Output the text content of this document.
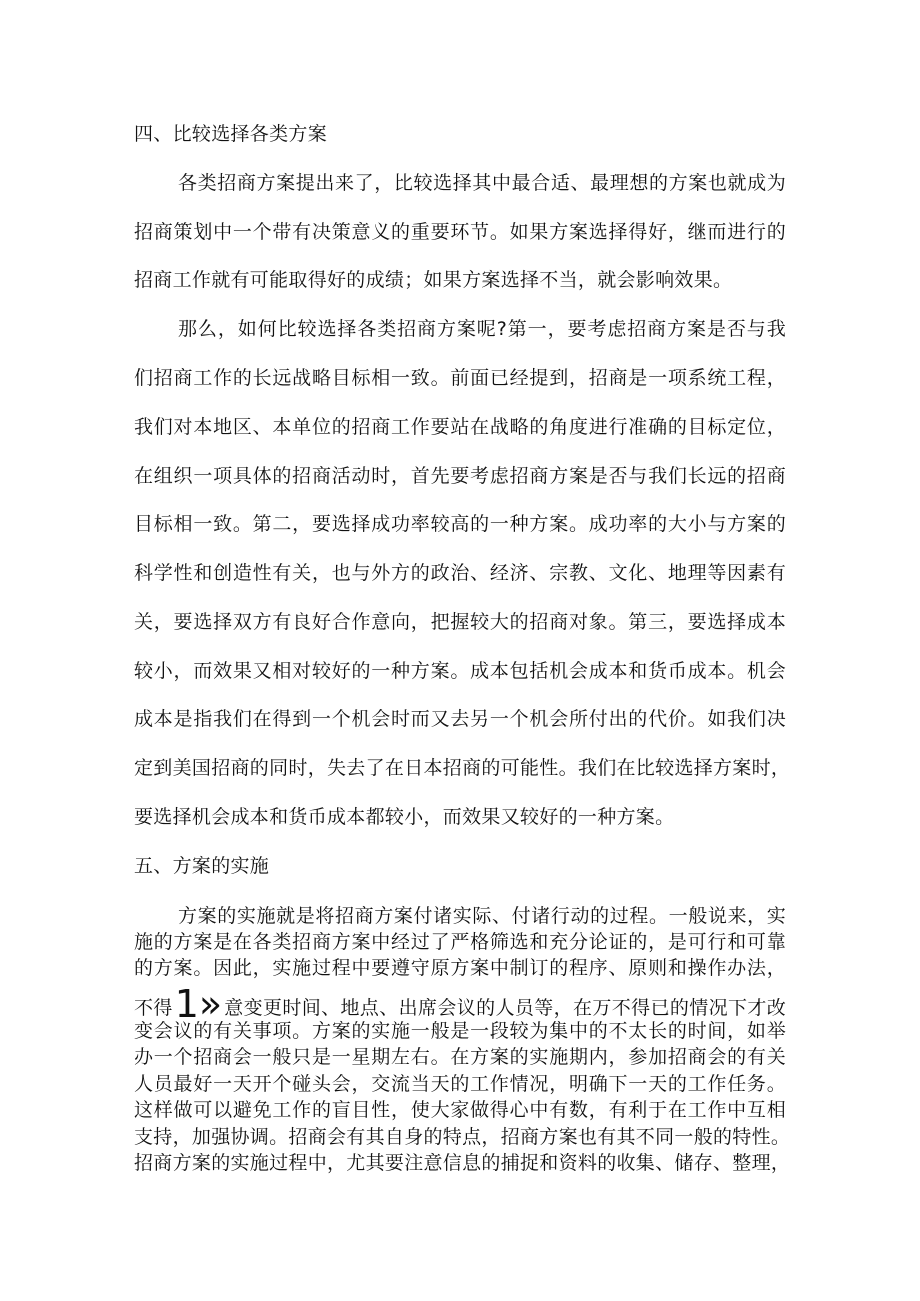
四、比较选择各类方案
各类招商方案提出来了，比较选择其中最合适、最理想的方案也就成为
招商策划中一个带有决策意义的重要环节。如果方案选择得好，继而进行的
招商工作就有可能取得好的成绩；如果方案选择不当，就会影响效果。
那么，如何比较选择各类招商方案呢?第一，要考虑招商方案是否与我
们招商工作的长远战略目标相一致。前面已经提到，招商是一项系统工程，
我们对本地区、本单位的招商工作要站在战略的角度进行准确的目标定位，
在组织一项具体的招商活动时，首先要考虑招商方案是否与我们长远的招商
目标相一致。第二，要选择成功率较高的一种方案。成功率的大小与方案的
科学性和创造性有关，也与外方的政治、经济、宗教、文化、地理等因素有
关，要选择双方有良好合作意向，把握较大的招商对象。第三，要选择成本
较小，而效果又相对较好的一种方案。成本包括机会成本和货币成本。机会
成本是指我们在得到一个机会时而又去另一个机会所付出的代价。如我们决
定到美国招商的同时，失去了在日本招商的可能性。我们在比较选择方案时，
要选择机会成本和货币成本都较小，而效果又较好的一种方案。
五、方案的实施
方案的实施就是将招商方案付诸实际、付诸行动的过程。一般说来，实
施的方案是在各类招商方案中经过了严格筛选和充分论证的，是可行和可靠
的方案。因此，实施过程中要遵守原方案中制订的程序、原则和操作办法，
不得1» 意变更时间、地点、出席会议的人员等，在万不得已的情况下才改
变会议的有关事项。方案的实施一般是一段较为集中的不太长的时间，如举
办一个招商会一般只是一星期左右。在方案的实施期内，参加招商会的有关
人员最好一天开个碰头会，交流当天的工作情况，明确下一天的工作任务。
这样做可以避免工作的盲目性，使大家做得心中有数，有利于在工作中互相
支持，加强协调。招商会有其自身的特点，招商方案也有其不同一般的特性。
招商方案的实施过程中，尤其要注意信息的捕捉和资料的收集、储存、整理，
